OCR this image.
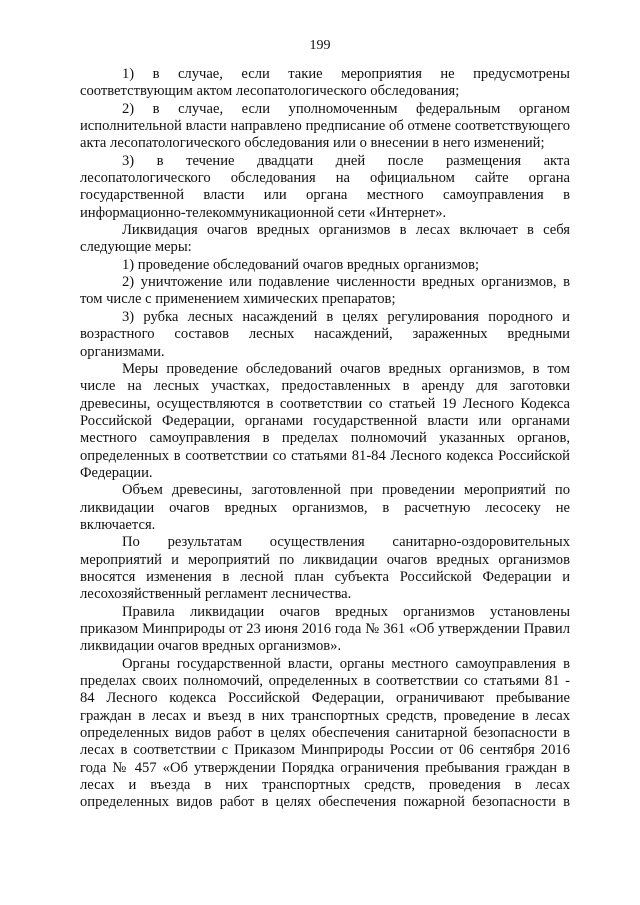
199

1) в случае, если такие мероприятия не предусмотрены соответствующим актом лесопатологического обследования;

2) в случае, если уполномоченным федеральным органом исполнительной власти направлено предписание об отмене соответствующего акта лесопатологического обследования или о внесении в него изменений;

3) в течение двадцати дней после размещения акта лесопатологического обследования на официальном сайте органа государственной власти или органа местного самоуправления в информационно-телекоммуникационной сети «Интернет».

Ликвидация очагов вредных организмов в лесах включает в себя следующие меры:

1) проведение обследований очагов вредных организмов;

2) уничтожение или подавление численности вредных организмов, в том числе с применением химических препаратов;

3) рубка лесных насаждений в целях регулирования породного и возрастного составов лесных насаждений, зараженных вредными организмами.

Меры проведение обследований очагов вредных организмов, в том числе на лесных участках, предоставленных в аренду для заготовки древесины, осуществляются в соответствии со статьей 19 Лесного Кодекса Российской Федерации, органами государственной власти или органами местного самоуправления в пределах полномочий указанных органов, определенных в соответствии со статьями 81-84 Лесного кодекса Российской Федерации.

Объем древесины, заготовленной при проведении мероприятий по ликвидации очагов вредных организмов, в расчетную лесосеку не включается.

По результатам осуществления санитарно-оздоровительных мероприятий и мероприятий по ликвидации очагов вредных организмов вносятся изменения в лесной план субъекта Российской Федерации и лесохозяйственный регламент лесничества.

Правила ликвидации очагов вредных организмов установлены приказом Минприроды от 23 июня 2016 года № 361 «Об утверждении Правил ликвидации очагов вредных организмов».

Органы государственной власти, органы местного самоуправления в пределах своих полномочий, определенных в соответствии со статьями 81 - 84 Лесного кодекса Российской Федерации, ограничивают пребывание граждан в лесах и въезд в них транспортных средств, проведение в лесах определенных видов работ в целях обеспечения санитарной безопасности в лесах в соответствии с Приказом Минприроды России от 06 сентября 2016 года № 457 «Об утверждении Порядка ограничения пребывания граждан в лесах и въезда в них транспортных средств, проведения в лесах определенных видов работ в целях обеспечения пожарной безопасности в
